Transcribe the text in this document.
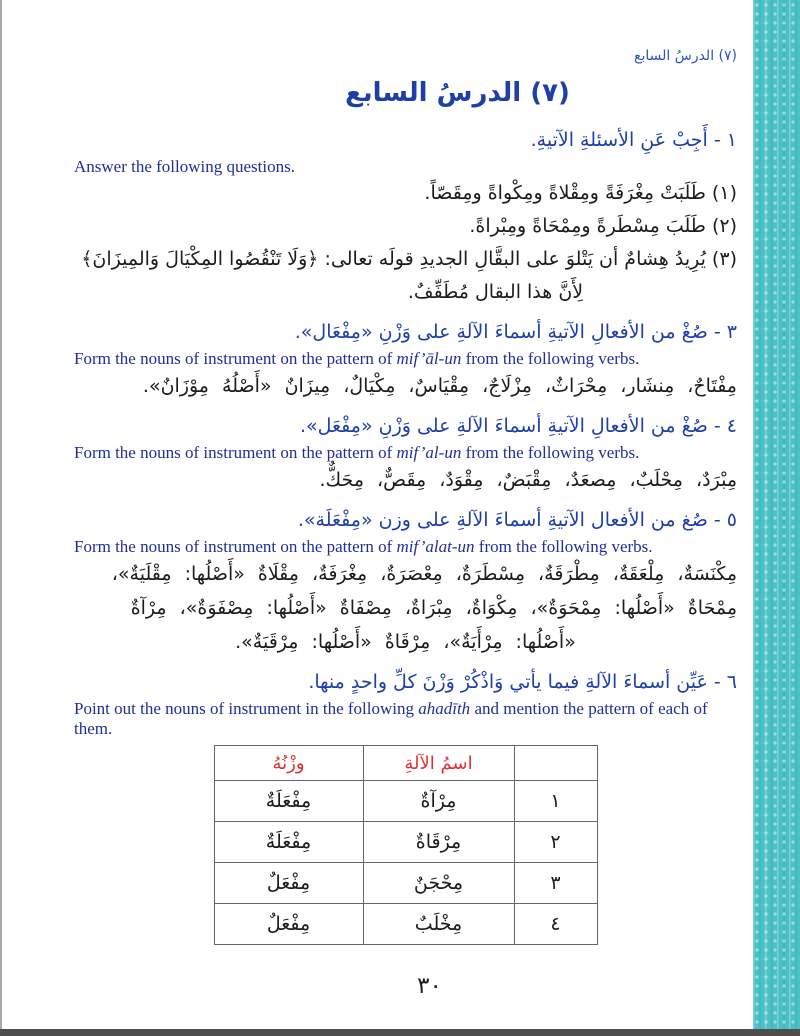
(٧) الدرسُ السابع
(٧) الدرسُ السابع
١ - أَجِبْ عَنِ الأسئلةِ الآتيةِ.
Answer the following questions.
(١) طَلَبَتْ مِغْرَفَةً ومِقْلاةً ومِكْواةً ومِقَصّاً.
(٢) طَلَبَ مِسْطَرةً ومِمْحَاةً ومِبْراةً.
(٣) يُرِيدُ هِشامٌ أن يَتْلوَ على البقَّالِ الجديدِ قولَه تعالى: ﴿وَلَا تَنْقُصُوا المِكْيَالَ وَالمِيزَانَ﴾
لِأَنَّ هذا البقال مُطَفِّفٌ.
٣ - صُغْ من الأفعالِ الآتيةِ أسماءَ الآلةِ على وَزْنِ «مِفْعَال».
Form the nouns of instrument on the pattern of mif’āl-un from the following verbs.
مِفْتَاحٌ، مِنشَار، مِحْرَاثٌ، مِزْلَاجٌ، مِقْيَاسٌ، مِكْيَالٌ، مِيزَانٌ «أَصْلُهُ مِوْزَانٌ».
٤ - صُغْ من الأفعالِ الآتيةِ أسماءَ الآلةِ على وَزْنِ «مِفْعَل».
Form the nouns of instrument on the pattern of mif’al-un from the following verbs.
مِبْرَدٌ، مِحْلَبٌ، مِصعَدٌ، مِقْبَضٌ، مِقْوَدٌ، مِقَصٌّ، مِحَكٌّ.
٥ - صُغ من الأفعال الآتيةِ أسماءَ الآلةِ على وزن «مِفْعَلَة».
Form the nouns of instrument on the pattern of mif’alat-un from the following verbs.
مِكْنَسَةٌ، مِلْعَقَةٌ، مِطْرَقَةٌ، مِسْطَرَةٌ، مِعْصَرَةٌ، مِغْرَفَةٌ، مِقْلَاةٌ «أَصْلُها: مِقْلَيَةٌ»،
مِمْحَاةٌ «أَصْلُها: مِمْحَوَةٌ»، مِكْوَاةٌ، مِبْرَاةٌ، مِصْفَاةٌ «أَصْلُها: مِصْفَوَةٌ»، مِرْآةٌ
«أَصْلُها: مِرْأَيَةٌ»، مِرْقَاةٌ «أَصْلُها: مِرْقَيَةٌ».
٦ - عَيِّن أسماءَ الآلةِ فيما يأتي وَاذْكُرْ وَزْنَ كلِّ واحدٍ منها.
Point out the nouns of instrument in the following ahadīth and mention the pattern of each of them.
	اسمُ الآلةِ	وزْنُهُ
١	مِرْآةٌ	مِفْعَلَةٌ
٢	مِرْقَاةٌ	مِفْعَلَةٌ
٣	مِحْجَنٌ	مِفْعَلٌ
٤	مِخْلَبٌ	مِفْعَلٌ
٣٠
